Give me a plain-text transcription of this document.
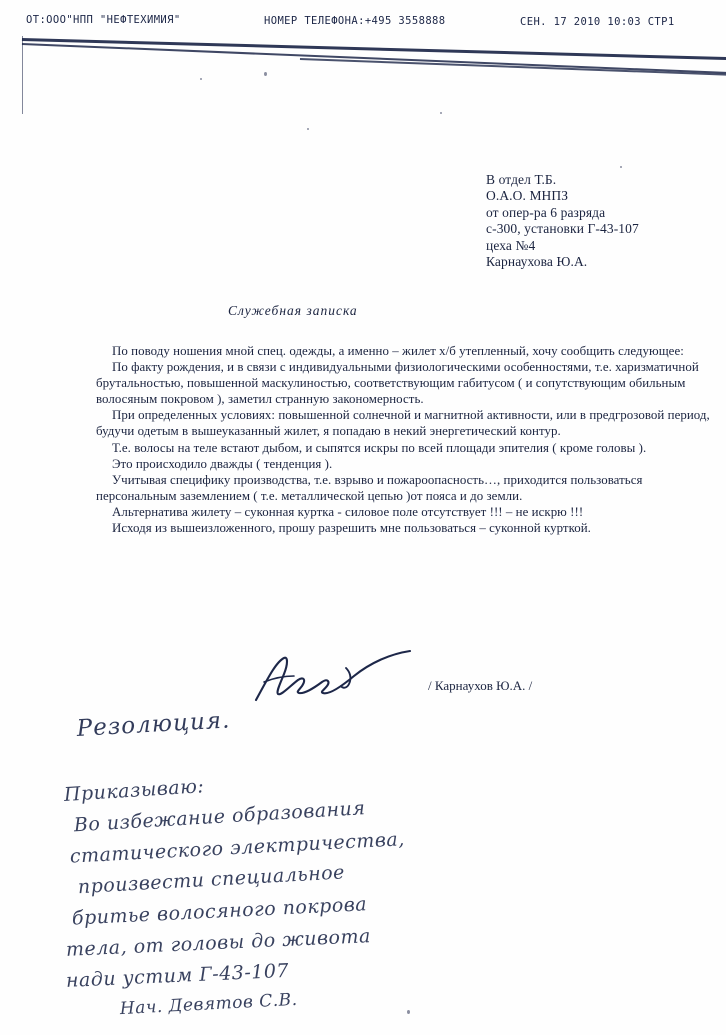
ОТ:ООО"НПП "НЕФТЕХИМИЯ"	НОМЕР ТЕЛЕФОНА:+495 3558888	СЕН. 17 2010 10:03 СТР1
В отдел Т.Б.
О.А.О. МНПЗ
от опер-ра 6 разряда
с-300, установки Г-43-107
цеха №4
Карнаухова Ю.А.
Служебная записка

По поводу ношения мной спец. одежды, а именно – жилет х/б утепленный, хочу сообщить следующее:

По факту рождения, и в связи с индивидуальными физиологическими особенностями, т.е. харизматичной брутальностью, повышенной маскулиностью, соответствующим габитусом ( и сопутствующим обильным волосяным покровом ), заметил странную закономерность.

При определенных условиях: повышенной солнечной и магнитной активности, или в предгрозовой период, будучи одетым в вышеуказанный жилет, я попадаю в некий энергетический контур.

Т.е. волосы на теле встают дыбом, и сыпятся искры по всей площади эпителия ( кроме головы ).

Это происходило дважды ( тенденция ).

Учитывая специфику производства, т.е. взрыво и пожароопасность…, приходится пользоваться персональным заземлением ( т.е. металлической цепью )от пояса и до земли.

Альтернатива жилету – суконная куртка - силовое поле отсутствует !!! – не искрю !!!

Исходя из вышеизложенного, прошу разрешить мне пользоваться – суконной курткой.

/ Карнаухов Ю.А. /
Резолюция.
Приказываю:
Во избежание образования
статического электричества,
произвести специальное
бритье волосяного покрова
тела, от головы до живота
нади устим Г-43-107
Нач. Девятов С.В.
